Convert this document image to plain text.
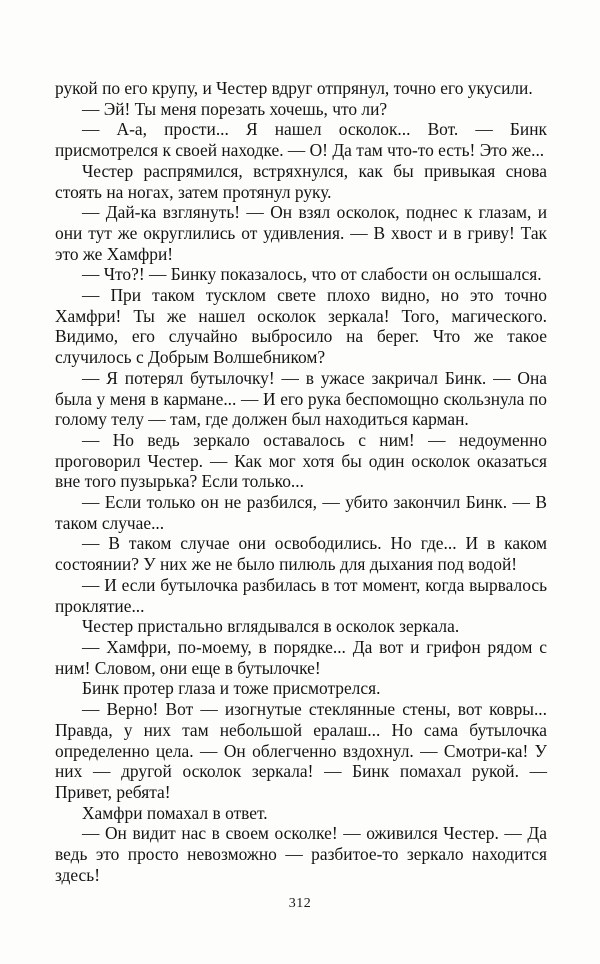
рукой по его крупу, и Честер вдруг отпрянул, точно его укусили.

— Эй! Ты меня порезать хочешь, что ли?

— А-а, прости... Я нашел осколок... Вот. — Бинк присмотрелся к своей находке. — О! Да там что-то есть! Это же...

Честер распрямился, встряхнулся, как бы привыкая снова стоять на ногах, затем протянул руку.

— Дай-ка взглянуть! — Он взял осколок, поднес к глазам, и они тут же округлились от удивления. — В хвост и в гриву! Так это же Хамфри!

— Что?! — Бинку показалось, что от слабости он ослышался.

— При таком тусклом свете плохо видно, но это точно Хамфри! Ты же нашел осколок зеркала! Того, магического. Видимо, его случайно выбросило на берег. Что же такое случилось с Добрым Волшебником?

— Я потерял бутылочку! — в ужасе закричал Бинк. — Она была у меня в кармане... — И его рука беспомощно скользнула по голому телу — там, где должен был находиться карман.

— Но ведь зеркало оставалось с ним! — недоуменно проговорил Честер. — Как мог хотя бы один осколок оказаться вне того пузырька? Если только...

— Если только он не разбился, — убито закончил Бинк. — В таком случае...

— В таком случае они освободились. Но где... И в каком состоянии? У них же не было пилюль для дыхания под водой!

— И если бутылочка разбилась в тот момент, когда вырвалось проклятие...

Честер пристально вглядывался в осколок зеркала.

— Хамфри, по-моему, в порядке... Да вот и грифон рядом с ним! Словом, они еще в бутылочке!

Бинк протер глаза и тоже присмотрелся.

— Верно! Вот — изогнутые стеклянные стены, вот ковры... Правда, у них там небольшой ералаш... Но сама бутылочка определенно цела. — Он облегченно вздохнул. — Смотри-ка! У них — другой осколок зеркала! — Бинк помахал рукой. — Привет, ребята!

Хамфри помахал в ответ.

— Он видит нас в своем осколке! — оживился Честер. — Да ведь это просто невозможно — разбитое-то зеркало находится здесь!

312
